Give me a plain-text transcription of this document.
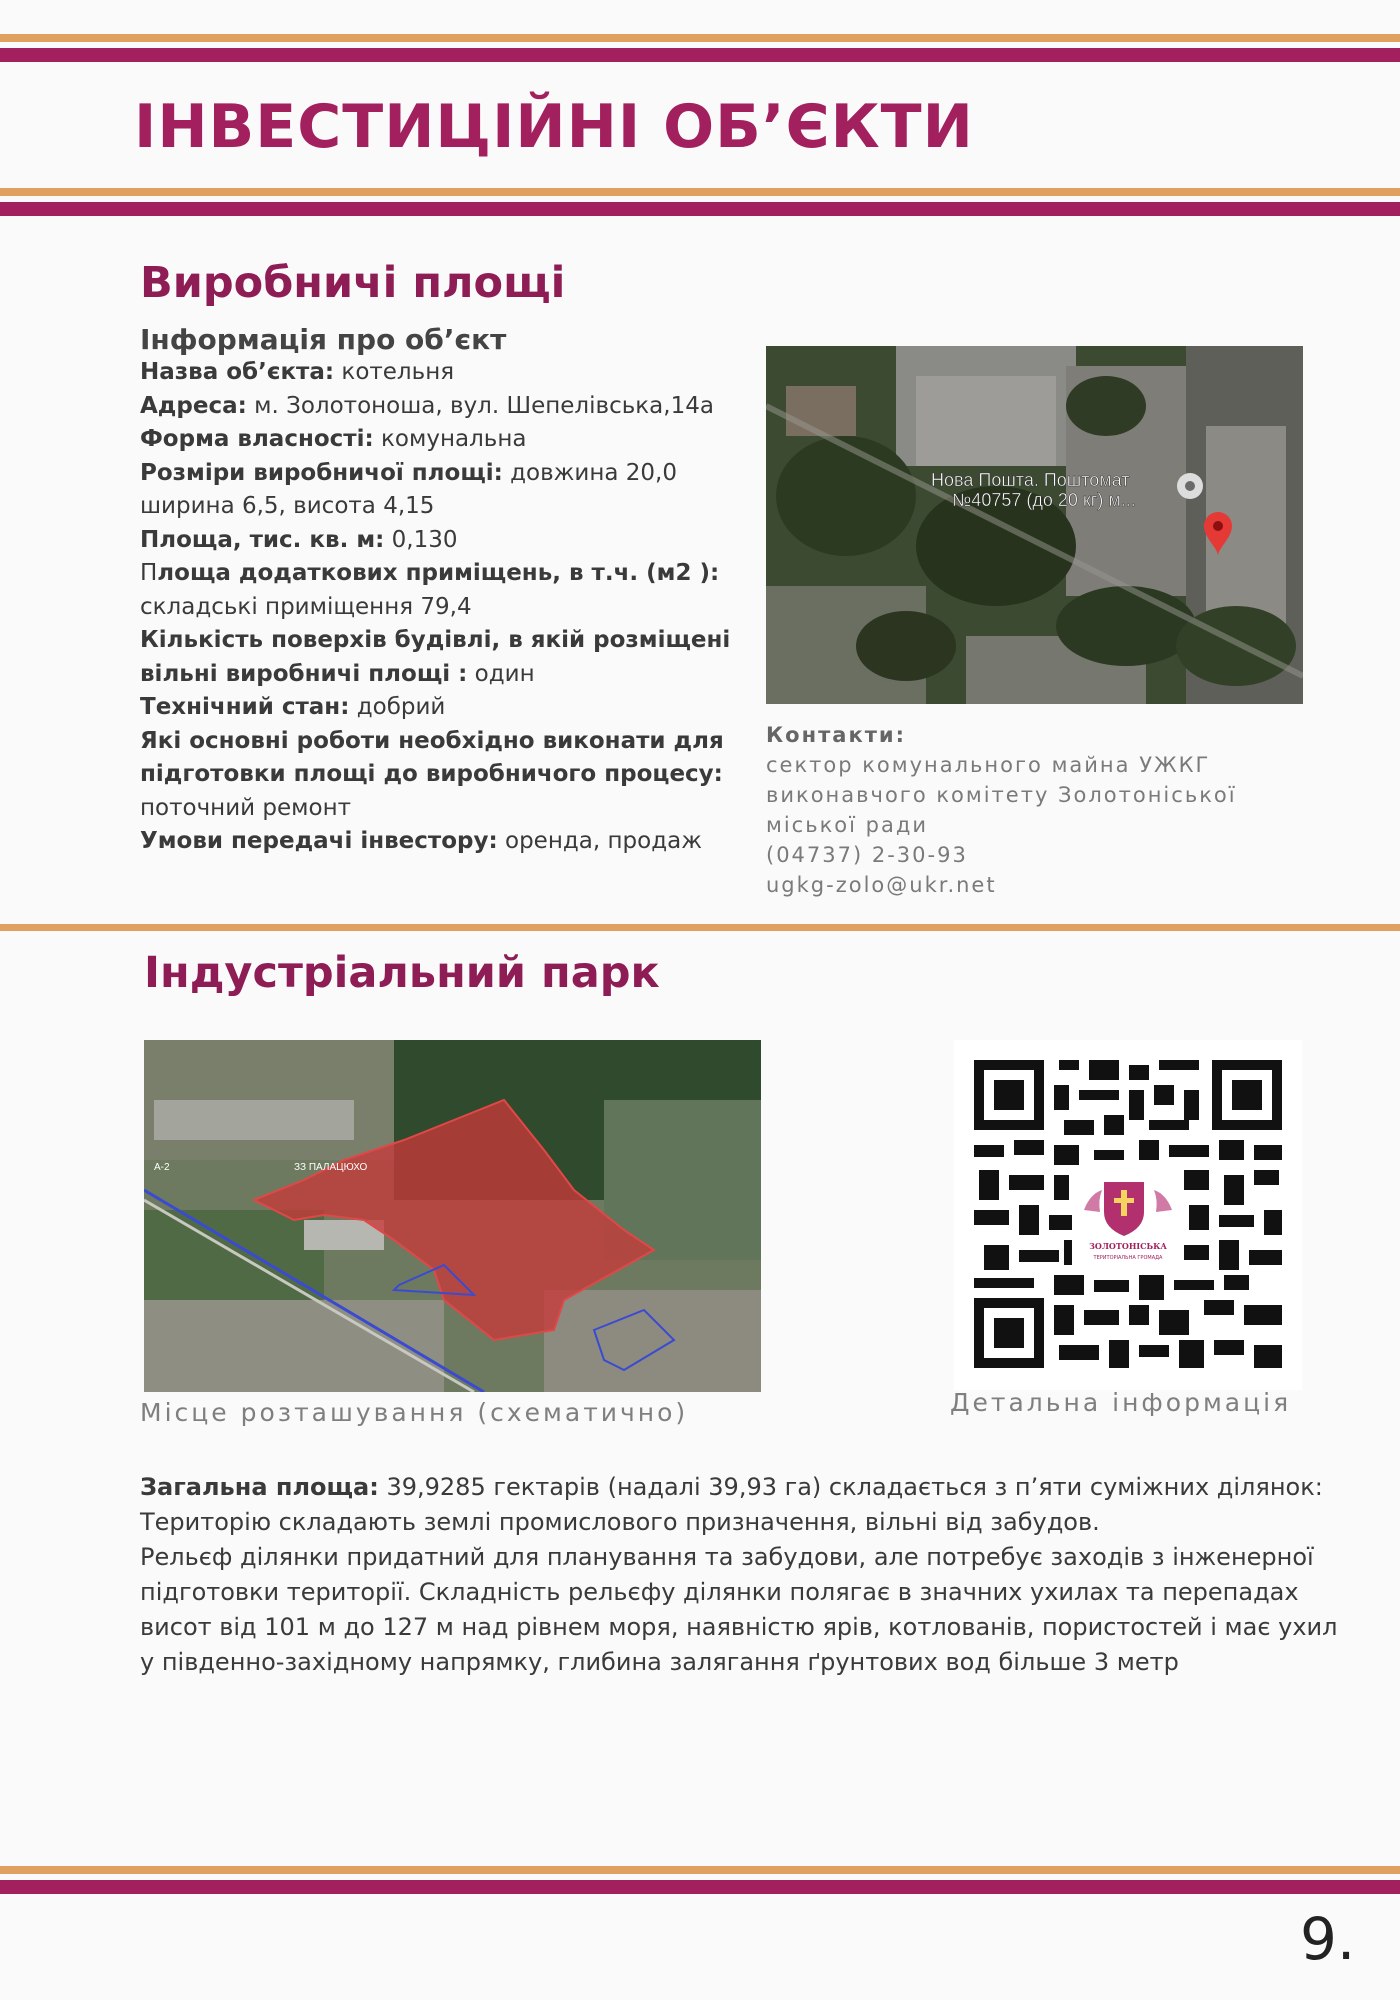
ІНВЕСТИЦІЙНІ ОБ’ЄКТИ
Виробничі площі
Інформація про об’єкт

Назва об’єкта: котельня

Адреса: м. Золотоноша, вул. Шепелівська,14а

Форма власності: комунальна

Розміри виробничої площі: довжина 20,0 ширина 6,5, висота 4,15

Площа, тис. кв. м: 0,130

Площа додаткових приміщень, в т.ч. (м2 ): складські приміщення 79,4

Кількість поверхів будівлі, в якій розміщені вільні виробничі площі : один

Технічний стан: добрий

Які основні роботи необхідно виконати для підготовки площі до виробничого процесу: поточний ремонт

Умови передачі інвестору: оренда, продаж

Нова Пошта. Поштомат
№40757 (до 20 кг) м...
Контакти:
сектор комунального майна УЖКГ
виконавчого комітету Золотоніської
міської ради
(04737) 2-30-93
ugkg-zolo@ukr.net
Індустріальний парк
А-2	ЗЗ ПАЛАЦЮХО
Місце розташування (схематично)
ЗОЛОТОНІСЬКА
ТЕРИТОРІАЛЬНА ГРОМАДА
Детальна інформація

Загальна площа: 39,9285 гектарів (надалі 39,93 га) складається з п’яти суміжних ділянок: Територію складають землі промислового призначення, вільні від забудов.

Рельєф ділянки придатний для планування та забудови, але потребує заходів з інженерної підготовки території. Складність рельєфу ділянки полягає в значних ухилах та перепадах висот від 101 м до 127 м над рівнем моря, наявністю ярів, котлованів, пористостей і має ухил у південно-західному напрямку, глибина залягання ґрунтових вод більше 3 метр

9.
